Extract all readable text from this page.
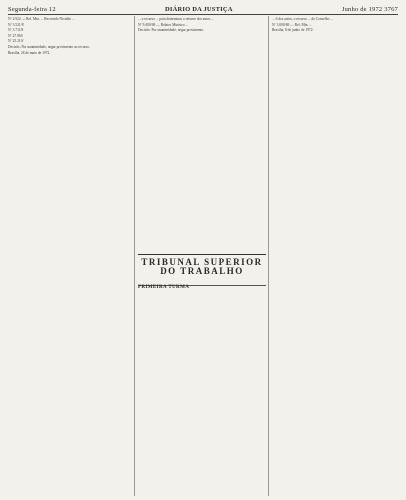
Segunda-feira 12	DIÁRIO DA JUSTIÇA	Junho de 1972 3767

Nº 2.922 — Rel. Min. ... Recorrido Nivaldo ...

Nº 3.521/8

Nº 3.711/8

Nº 27.960

Nº 25.210/

Decisão: Por unanimidade, negar provimento ao recurso.

Brasília, 26 de maio de 1972.

... o recurso ... para determinar o retorno dos autos ...

Nº 9.400/69 — Relator Ministro ...

Decisão: Por unanimidade, negar provimento.

TRIBUNAL SUPERIOR
DO TRABALHO
PRIMEIRA TURMA

... 6 dos autos, o recurso ... do Conselho ...

Nº 3.000/69 — Rel. Min. ...

Brasília, 8 de junho de 1972.
